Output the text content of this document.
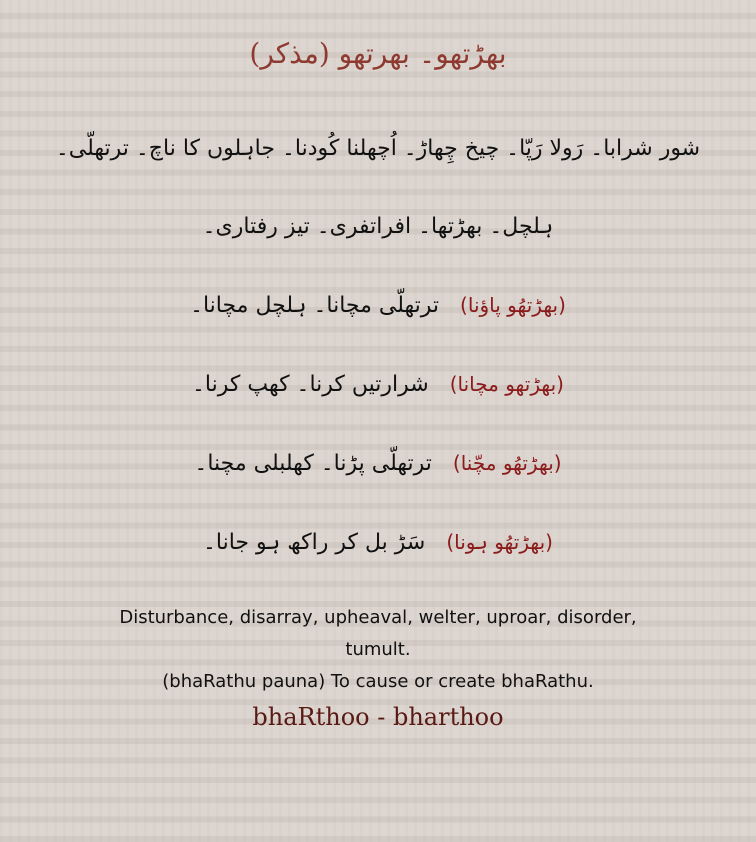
بھڑتھو۔ بھرتھو (مذکر)
شور شرابا۔ رَولا رَپّا۔ چیخ چِھاڑ۔ اُچھلنا کُودنا۔ جاہلوں کا ناچ۔ ترتھلّی۔
ہلچل۔ بھڑتھا۔ افراتفری۔ تیز رفتاری۔
(بھڑتھُو پاؤنا) ترتھلّی مچانا۔ ہلچل مچانا۔
(بھڑتھو مچانا) شرارتیں کرنا۔ کھپ کرنا۔
(بھڑتھُو مچّنا) ترتھلّی پڑنا۔ کھلبلی مچنا۔
(بھڑتھُو ہونا) سَڑ بل کر راکھ ہو جانا۔
Disturbance, disarray, upheaval, welter, uproar, disorder,
tumult.
(bhaRathu pauna) To cause or create bhaRathu.
bhaRthoo - bharthoo
